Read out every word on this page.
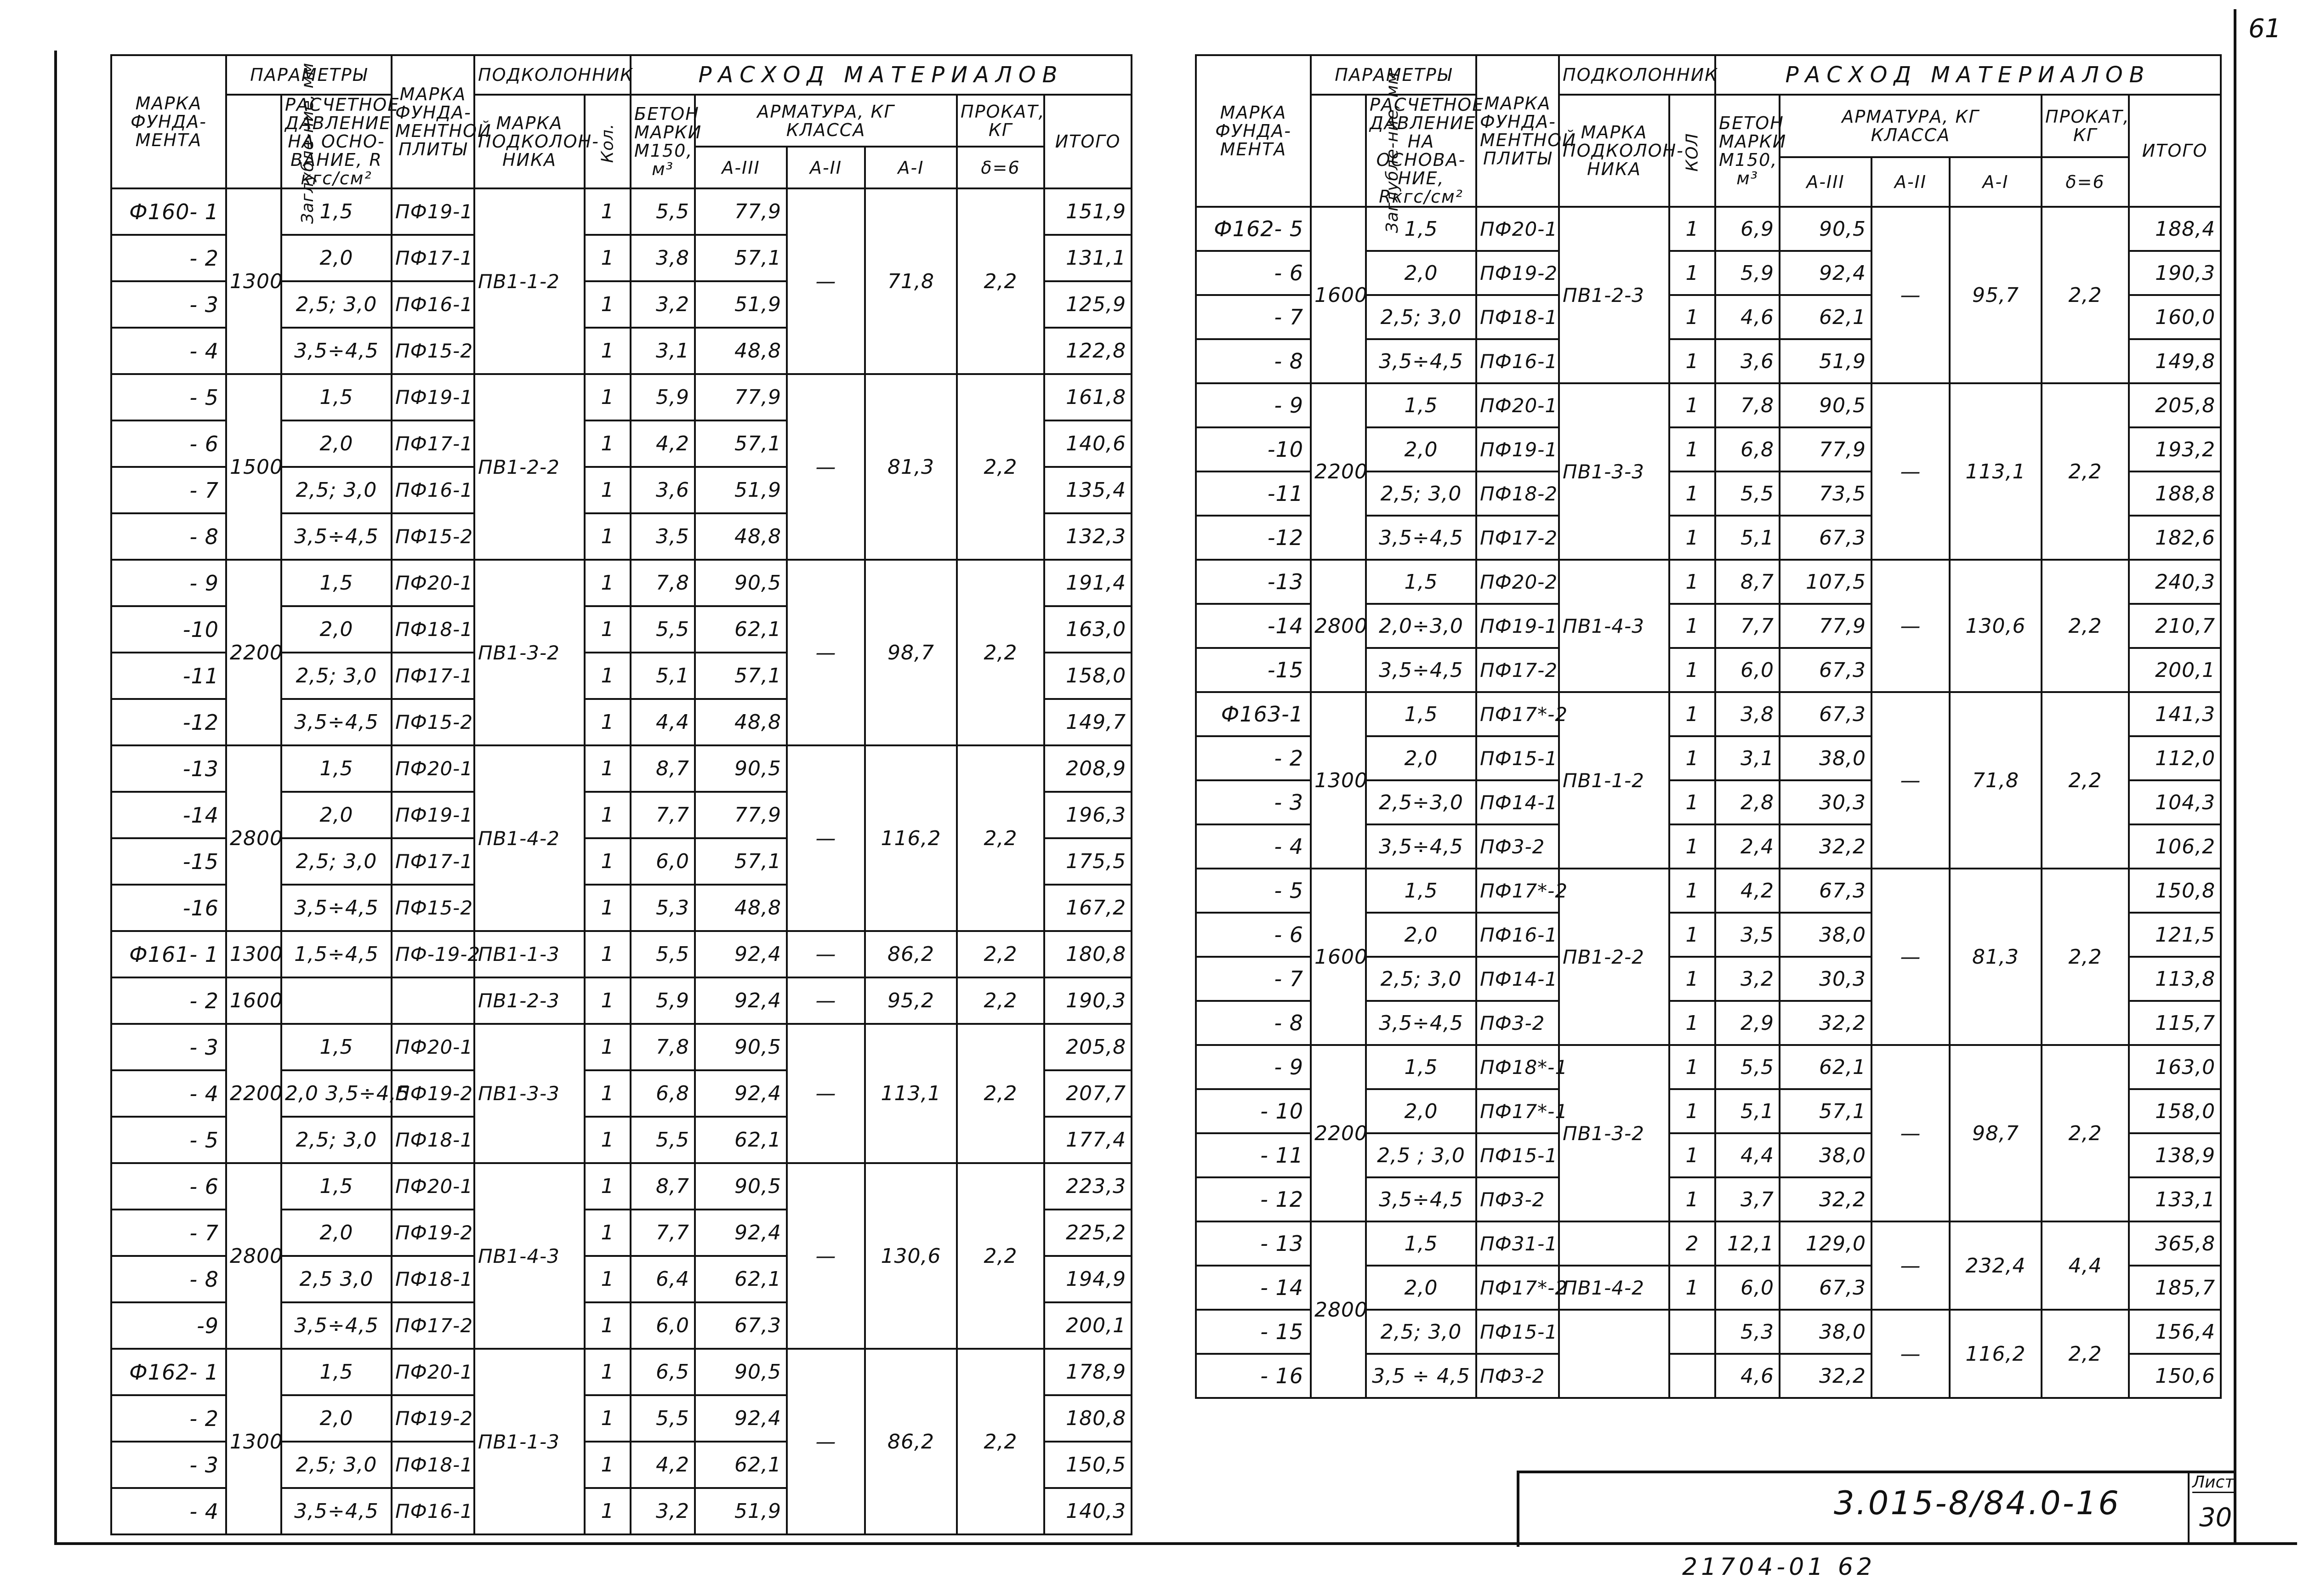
61
МАРКА ФУНДА-МЕНТА	ПАРАМЕТРЫ		МАРКА ФУНДА-МЕНТНОЙ ПЛИТЫ	ПОДКОЛОННИК		РАСХОД МАТЕРИАЛОВ					
	Заглубле-ние, мм	РАСЧЕТНОЕ ДАВЛЕНИЕ НА ОСНО-ВАНИЕ, R кгс/см²		МАРКА ПОДКОЛОН-НИКА	Кол.	БЕТОН МАРКИ М150, м³	АРМАТУРА, КГ
КЛАССА			ПРОКАТ, КГ	ИТОГО
							А-III	А-II	А-I	δ=6	
Ф160- 1	1300	1,5	ПФ19-1	ПВ1-1-2	1	5,5	77,9	—	71,8	2,2	151,9
- 2		2,0	ПФ17-1		1	3,8	57,1				131,1
- 3		2,5; 3,0	ПФ16-1		1	3,2	51,9				125,9
- 4		3,5÷4,5	ПФ15-2		1	3,1	48,8				122,8
- 5	1500	1,5	ПФ19-1	ПВ1-2-2	1	5,9	77,9	—	81,3	2,2	161,8
- 6		2,0	ПФ17-1		1	4,2	57,1				140,6
- 7		2,5; 3,0	ПФ16-1		1	3,6	51,9				135,4
- 8		3,5÷4,5	ПФ15-2		1	3,5	48,8				132,3
- 9	2200	1,5	ПФ20-1	ПВ1-3-2	1	7,8	90,5	—	98,7	2,2	191,4
-10		2,0	ПФ18-1		1	5,5	62,1				163,0
-11		2,5; 3,0	ПФ17-1		1	5,1	57,1				158,0
-12		3,5÷4,5	ПФ15-2		1	4,4	48,8				149,7
-13	2800	1,5	ПФ20-1	ПВ1-4-2	1	8,7	90,5	—	116,2	2,2	208,9
-14		2,0	ПФ19-1		1	7,7	77,9				196,3
-15		2,5; 3,0	ПФ17-1		1	6,0	57,1				175,5
-16		3,5÷4,5	ПФ15-2		1	5,3	48,8				167,2
Ф161- 1	1300	1,5÷4,5	ПФ-19-2	ПВ1-1-3	1	5,5	92,4	—	86,2	2,2	180,8
- 2	1600			ПВ1-2-3	1	5,9	92,4	—	95,2	2,2	190,3
- 3	2200	1,5	ПФ20-1	ПВ1-3-3	1	7,8	90,5	—	113,1	2,2	205,8
- 4		2,0 3,5÷4,5	ПФ19-2		1	6,8	92,4				207,7
- 5		2,5; 3,0	ПФ18-1		1	5,5	62,1				177,4
- 6	2800	1,5	ПФ20-1	ПВ1-4-3	1	8,7	90,5	—	130,6	2,2	223,3
- 7		2,0	ПФ19-2		1	7,7	92,4				225,2
- 8		2,5 3,0	ПФ18-1		1	6,4	62,1				194,9
-9		3,5÷4,5	ПФ17-2		1	6,0	67,3				200,1
Ф162- 1	1300	1,5	ПФ20-1	ПВ1-1-3	1	6,5	90,5	—	86,2	2,2	178,9
- 2		2,0	ПФ19-2		1	5,5	92,4				180,8
- 3		2,5; 3,0	ПФ18-1		1	4,2	62,1				150,5
- 4		3,5÷4,5	ПФ16-1		1	3,2	51,9				140,3
МАРКА ФУНДА-МЕНТА	ПАРАМЕТРЫ		МАРКА ФУНДА-МЕНТНОЙ ПЛИТЫ	ПОДКОЛОННИК		РАСХОД МАТЕРИАЛОВ					
	Заглубле-ние, мм	РАСЧЕТНОЕ ДАВЛЕНИЕ НА ОСНОВА-НИЕ, Rкгс/см²		МАРКА ПОДКОЛОН-НИКА	КОЛ	БЕТОН МАРКИ М150, м³	АРМАТУРА, КГ
КЛАССА			ПРОКАТ, КГ	ИТОГО
							А-III	А-II	А-I	δ=6	
Ф162- 5	1600	1,5	ПФ20-1	ПВ1-2-3	1	6,9	90,5	—	95,7	2,2	188,4
- 6		2,0	ПФ19-2		1	5,9	92,4				190,3
- 7		2,5; 3,0	ПФ18-1		1	4,6	62,1				160,0
- 8		3,5÷4,5	ПФ16-1		1	3,6	51,9				149,8
- 9	2200	1,5	ПФ20-1	ПВ1-3-3	1	7,8	90,5	—	113,1	2,2	205,8
-10		2,0	ПФ19-1		1	6,8	77,9				193,2
-11		2,5; 3,0	ПФ18-2		1	5,5	73,5				188,8
-12		3,5÷4,5	ПФ17-2		1	5,1	67,3				182,6
-13	2800	1,5	ПФ20-2	ПВ1-4-3	1	8,7	107,5	—	130,6	2,2	240,3
-14		2,0÷3,0	ПФ19-1		1	7,7	77,9				210,7
-15		3,5÷4,5	ПФ17-2		1	6,0	67,3				200,1
Ф163-1	1300	1,5	ПФ17*-2	ПВ1-1-2	1	3,8	67,3	—	71,8	2,2	141,3
- 2		2,0	ПФ15-1		1	3,1	38,0				112,0
- 3		2,5÷3,0	ПФ14-1		1	2,8	30,3				104,3
- 4		3,5÷4,5	ПФ3-2		1	2,4	32,2				106,2
- 5	1600	1,5	ПФ17*-2	ПВ1-2-2	1	4,2	67,3	—	81,3	2,2	150,8
- 6		2,0	ПФ16-1		1	3,5	38,0				121,5
- 7		2,5; 3,0	ПФ14-1		1	3,2	30,3				113,8
- 8		3,5÷4,5	ПФ3-2		1	2,9	32,2				115,7
- 9	2200	1,5	ПФ18*-1	ПВ1-3-2	1	5,5	62,1	—	98,7	2,2	163,0
- 10		2,0	ПФ17*-1		1	5,1	57,1				158,0
- 11		2,5 ; 3,0	ПФ15-1		1	4,4	38,0				138,9
- 12		3,5÷4,5	ПФ3-2		1	3,7	32,2				133,1
- 13	2800	1,5	ПФ31-1		2	12,1	129,0	—	232,4	4,4	365,8
- 14		2,0	ПФ17*-2	ПВ1-4-2	1	6,0	67,3				185,7
- 15		2,5; 3,0	ПФ15-1			5,3	38,0	—	116,2	2,2	156,4
- 16		3,5 ÷ 4,5	ПФ3-2			4,6	32,2				150,6
3.015-8/84.0-16
Лист
30
21704-01 62
